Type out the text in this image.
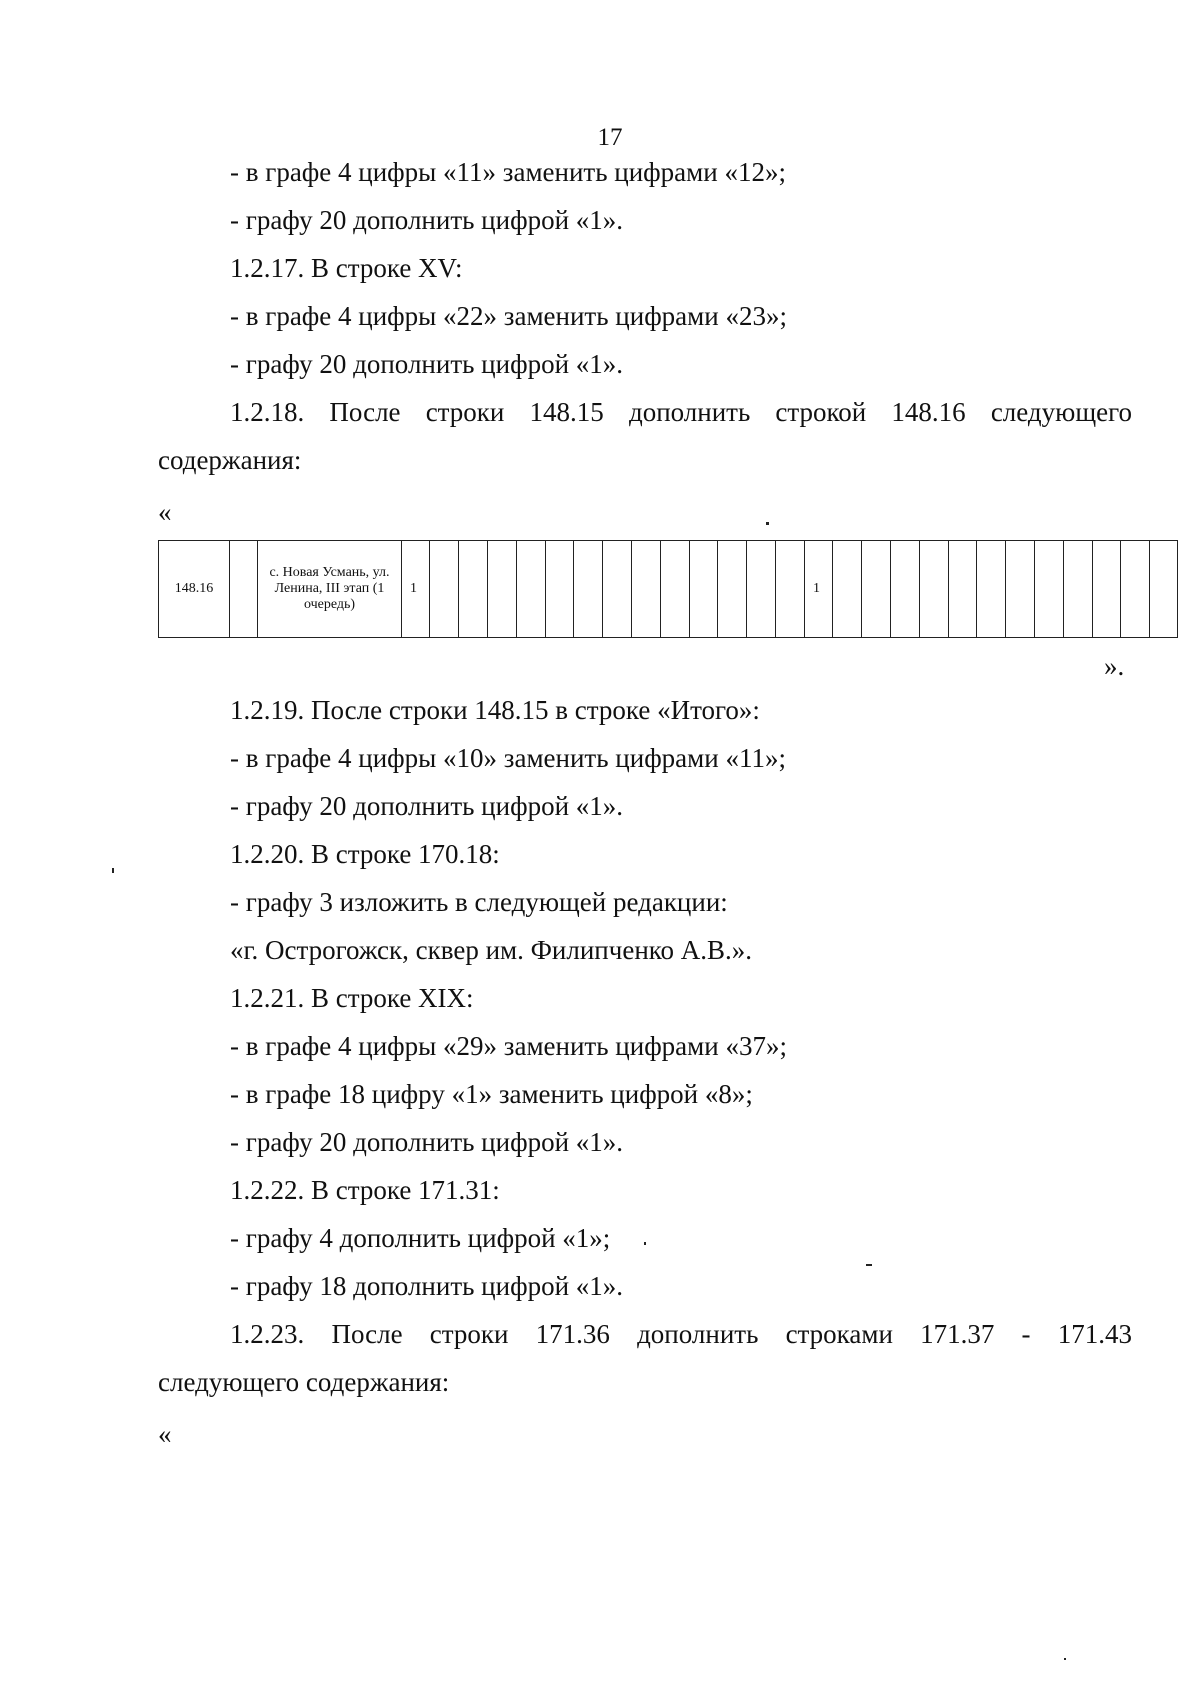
17
- в графе 4 цифры «11» заменить цифрами «12»;
- графу 20 дополнить цифрой «1».
1.2.17. В строке XV:
- в графе 4 цифры «22» заменить цифрами «23»;
- графу 20 дополнить цифрой «1».
1.2.18. После строки 148.15 дополнить строкой 148.16 следующего
содержания:
«
148.16		с. Новая Усмань, ул. Ленина, III этап (1 очередь)	1														1												
».
1.2.19. После строки 148.15 в строке «Итого»:
- в графе 4 цифры «10» заменить цифрами «11»;
- графу 20 дополнить цифрой «1».
1.2.20. В строке 170.18:
- графу 3 изложить в следующей редакции:
«г. Острогожск, сквер им. Филипченко А.В.».
1.2.21. В строке XIX:
- в графе 4 цифры «29» заменить цифрами «37»;
- в графе 18 цифру «1» заменить цифрой «8»;
- графу 20 дополнить цифрой «1».
1.2.22. В строке 171.31:
- графу 4 дополнить цифрой «1»;
- графу 18 дополнить цифрой «1».
1.2.23. После строки 171.36 дополнить строками 171.37 - 171.43
следующего содержания:
«
